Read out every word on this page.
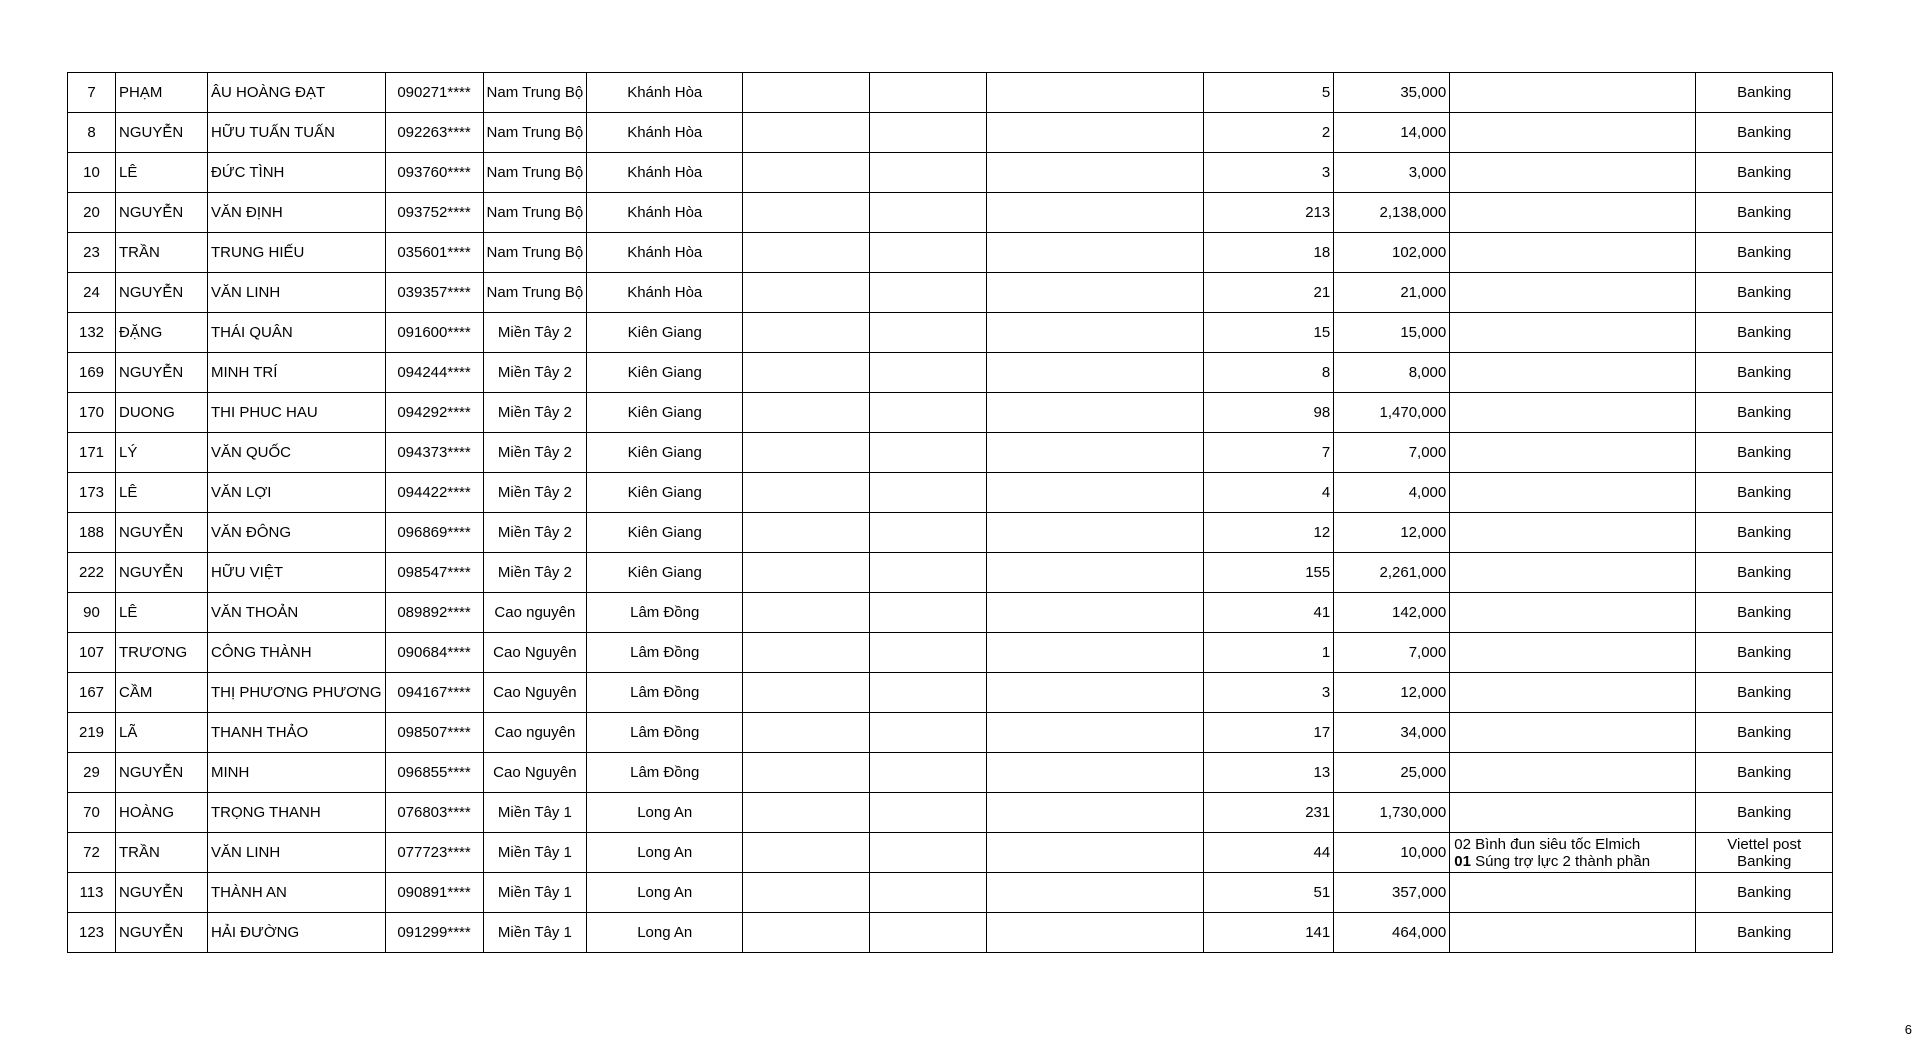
7	PHẠM	ÂU HOÀNG ĐẠT	090271****	Nam Trung Bộ	Khánh Hòa				5	35,000		Banking

8	NGUYỄN	HỮU TUẤN TUẤN	092263****	Nam Trung Bộ	Khánh Hòa				2	14,000		Banking

10	LÊ	ĐỨC TÌNH	093760****	Nam Trung Bộ	Khánh Hòa				3	3,000		Banking

20	NGUYỄN	VĂN ĐỊNH	093752****	Nam Trung Bộ	Khánh Hòa				213	2,138,000		Banking

23	TRẦN	TRUNG HIẾU	035601****	Nam Trung Bộ	Khánh Hòa				18	102,000		Banking

24	NGUYỄN	VĂN LINH	039357****	Nam Trung Bộ	Khánh Hòa				21	21,000		Banking

132	ĐẶNG	THÁI QUÂN	091600****	Miền Tây 2	Kiên Giang				15	15,000		Banking

169	NGUYỄN	MINH TRÍ	094244****	Miền Tây 2	Kiên Giang				8	8,000		Banking

170	DUONG	THI PHUC HAU	094292****	Miền Tây 2	Kiên Giang				98	1,470,000		Banking

171	LÝ	VĂN QUỐC	094373****	Miền Tây 2	Kiên Giang				7	7,000		Banking

173	LÊ	VĂN LỢI	094422****	Miền Tây 2	Kiên Giang				4	4,000		Banking

188	NGUYỄN	VĂN ĐÔNG	096869****	Miền Tây 2	Kiên Giang				12	12,000		Banking

222	NGUYỄN	HỮU VIỆT	098547****	Miền Tây 2	Kiên Giang				155	2,261,000		Banking

90	LÊ	VĂN THOẢN	089892****	Cao nguyên	Lâm Đồng				41	142,000		Banking

107	TRƯƠNG	CÔNG THÀNH	090684****	Cao Nguyên	Lâm Đồng				1	7,000		Banking

167	CẦM	THỊ PHƯƠNG PHƯƠNG	094167****	Cao Nguyên	Lâm Đồng				3	12,000		Banking

219	LÃ	THANH THẢO	098507****	Cao nguyên	Lâm Đồng				17	34,000		Banking

29	NGUYỄN	MINH	096855****	Cao Nguyên	Lâm Đồng				13	25,000		Banking

70	HOÀNG	TRỌNG THANH	076803****	Miền Tây 1	Long An				231	1,730,000		Banking

72	TRẦN	VĂN LINH	077723****	Miền Tây 1	Long An				44	10,000	02 Bình đun siêu tốc Elmich
01 Súng trợ lực 2 thành phần	Viettel post
Banking

113	NGUYỄN	THÀNH AN	090891****	Miền Tây 1	Long An				51	357,000		Banking

123	NGUYỄN	HẢI ĐƯỜNG	091299****	Miền Tây 1	Long An				141	464,000		Banking
6
